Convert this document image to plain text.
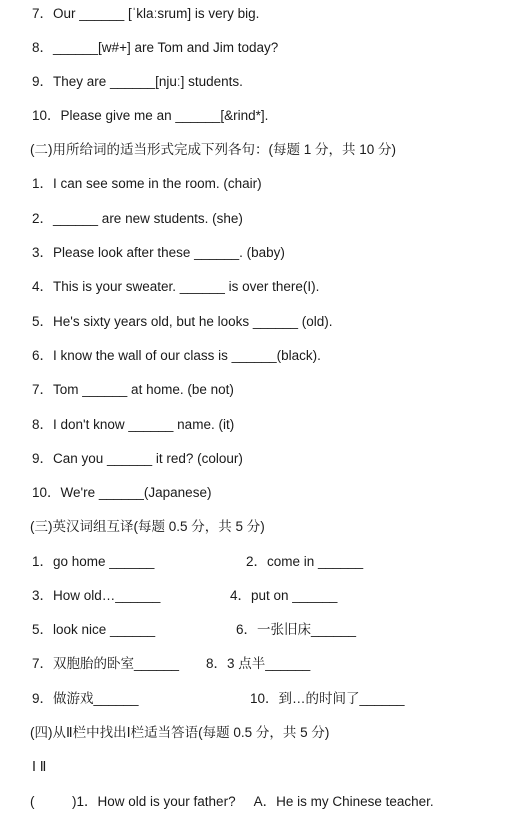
7．Our ______ [ˈklaːsrum] is very big.
8．______[w#+] are Tom and Jim today?
9．They are ______[njuː] students.
10．Please give me an ______[&rind*].
(二)用所给词的适当形式完成下列各句：(每题 1 分，共 10 分)
1．I can see some in the room. (chair)
2．______ are new students. (she)
3．Please look after these ______. (baby)
4．This is your sweater. ______ is over there(I).
5．He's sixty years old, but he looks ______ (old).
6．I know the wall of our class is ______(black).
7．Tom ______ at home. (be not)
8．I don't know ______ name. (it)
9．Can you ______ it red? (colour)
10．We're ______(Japanese)
(三)英汉词组互译(每题 0.5 分，共 5 分)
1．go home ______	2．come in ______
3．How old…______	4．put on ______
5．look nice ______	6．一张旧床______
7．双胞胎的卧室______ 8．3 点半______
9．做游戏______	10．到…的时间了______
(四)从Ⅱ栏中找出Ⅰ栏适当答语(每题 0.5 分，共 5 分)
Ⅰ Ⅱ
(          )1．How old is your father?     A．He is my Chinese teacher.
